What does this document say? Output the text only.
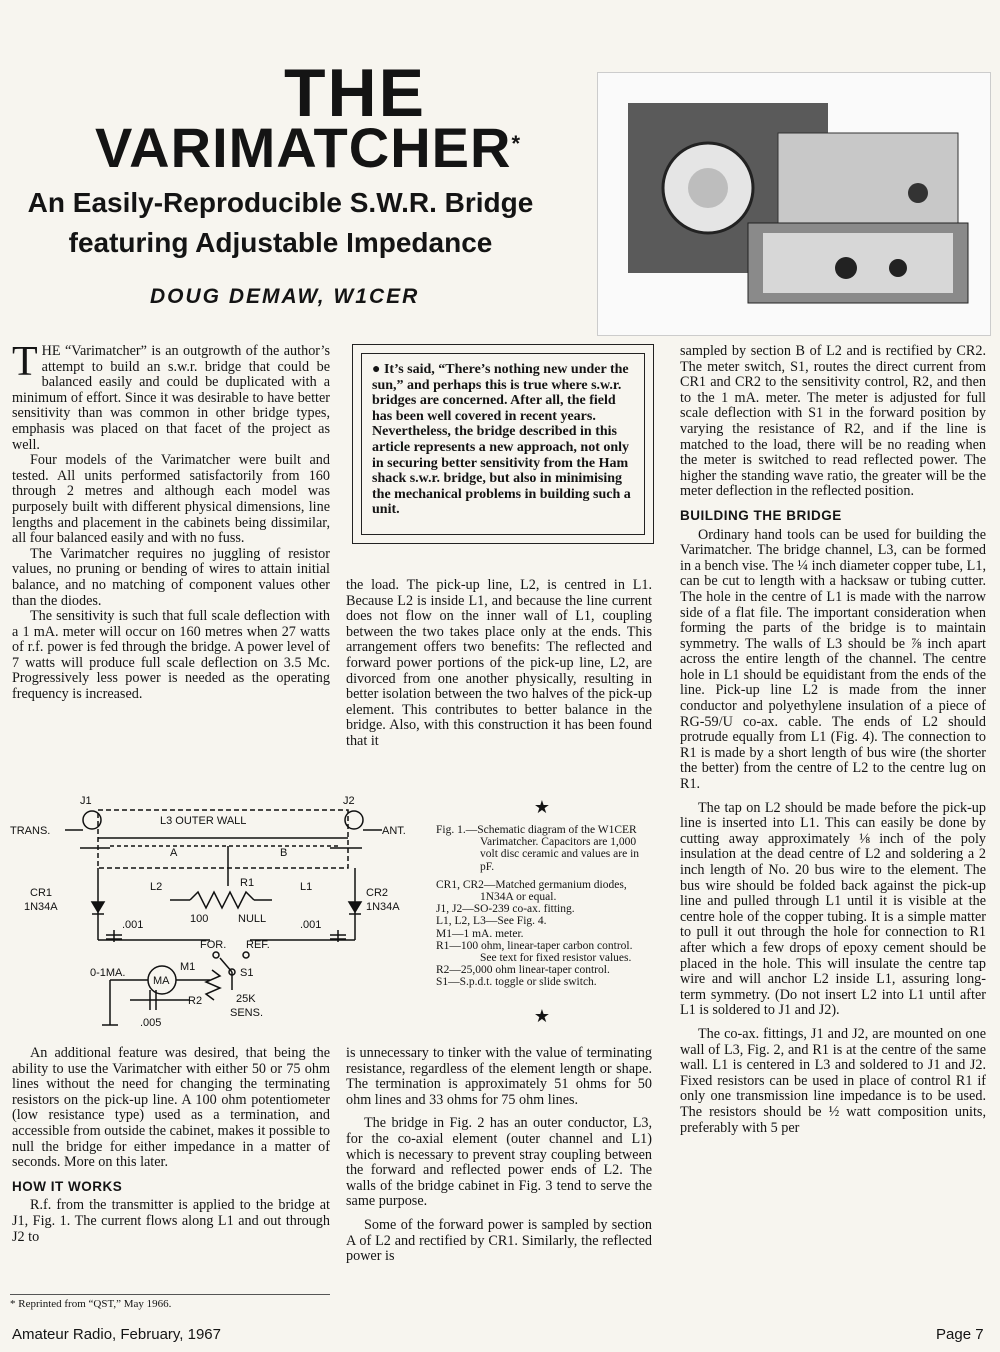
THE
VARIMATCHER*
An Easily-Reproducible S.W.R. Bridge
featuring Adjustable Impedance
DOUG DEMAW, W1CER

THE “Varimatcher” is an outgrowth of the author’s attempt to build an s.w.r. bridge that could be balanced easily and could be duplicated with a minimum of effort. Since it was desirable to have better sensitivity than was common in other bridge types, emphasis was placed on that facet of the project as well.

Four models of the Varimatcher were built and tested. All units performed satisfactorily from 160 through 2 metres and although each model was purposely built with different physical dimensions, line lengths and placement in the cabinets being dissimilar, all four balanced easily and with no fuss.

The Varimatcher requires no juggling of resistor values, no pruning or bending of wires to attain initial balance, and no matching of component values other than the diodes.

The sensitivity is such that full scale deflection with a 1 mA. meter will occur on 160 metres when 27 watts of r.f. power is fed through the bridge. A power level of 7 watts will produce full scale deflection on 3.5 Mc. Progressively less power is needed as the operating frequency is increased.

An additional feature was desired, that being the ability to use the Varimatcher with either 50 or 75 ohm lines without the need for changing the terminating resistors on the pick-up line. A 100 ohm potentiometer (low resistance type) used as a termination, and accessible from outside the cabinet, makes it possible to null the bridge for either impedance in a matter of seconds. More on this later.

HOW IT WORKS

R.f. from the transmitter is applied to the bridge at J1, Fig. 1. The current flows along L1 and out through J2 to

* Reprinted from “QST,” May 1966.
● It’s said, “There’s nothing new under the sun,” and perhaps this is true where s.w.r. bridges are concerned. After all, the field has been well covered in recent years. Nevertheless, the bridge described in this article represents a new approach, not only in securing better sensitivity from the Ham shack s.w.r. bridge, but also in minimising the mechanical problems in building such a unit.

the load. The pick-up line, L2, is centred in L1. Because L2 is inside L1, and because the line current does not flow on the inner wall of L1, coupling between the two takes place only at the ends. This arrangement offers two benefits: The reflected and forward power portions of the pick-up line, L2, are divorced from one another physically, resulting in better isolation between the two halves of the pick-up element. This contributes to better balance in the bridge. Also, with this construction it has been found that it

is unnecessary to tinker with the value of terminating resistance, regardless of the element length or shape. The termination is approximately 51 ohms for 50 ohm lines and 33 ohms for 75 ohm lines.

The bridge in Fig. 2 has an outer conductor, L3, for the co-axial element (outer channel and L1) which is necessary to prevent stray coupling between the forward and reflected power ends of L2. The walls of the bridge cabinet in Fig. 3 tend to serve the same purpose.

Some of the forward power is sampled by section A of L2 and rectified by CR1. Similarly, the reflected power is

★
★

Fig. 1.—Schematic diagram of the W1CER Varimatcher. Capacitors are 1,000 volt disc ceramic and values are in pF.

CR1, CR2—Matched germanium diodes, 1N34A or equal.

J1, J2—SO-239 co-ax. fitting.

L1, L2, L3—See Fig. 4.

M1—1 mA. meter.

R1—100 ohm, linear-taper carbon control. See text for fixed resistor values.

R2—25,000 ohm linear-taper control.

S1—S.p.d.t. toggle or slide switch.

J1	J2
TRANS.	ANT.
L3 OUTER WALL
A	B
L2	L1
CR1
1N34A
CR2
1N34A
R1
100	NULL
.001	.001
FOR. REF.
S1
0-1MA.
MA
M1
R2	25K
SENS.
.005

sampled by section B of L2 and is rectified by CR2. The meter switch, S1, routes the direct current from CR1 and CR2 to the sensitivity control, R2, and then to the 1 mA. meter. The meter is adjusted for full scale deflection with S1 in the forward position by varying the resistance of R2, and if the line is matched to the load, there will be no reading when the meter is switched to read reflected power. The higher the standing wave ratio, the greater will be the meter deflection in the reflected position.

BUILDING THE BRIDGE

Ordinary hand tools can be used for building the Varimatcher. The bridge channel, L3, can be formed in a bench vise. The ¼ inch diameter copper tube, L1, can be cut to length with a hacksaw or tubing cutter. The hole in the centre of L1 is made with the narrow side of a flat file. The important consideration when forming the parts of the bridge is to maintain symmetry. The walls of L3 should be ⅞ inch apart across the entire length of the channel. The centre hole in L1 should be equidistant from the ends of the line. Pick-up line L2 is made from the inner conductor and polyethylene insulation of a piece of RG-59/U co-ax. cable. The ends of L2 should protrude equally from L1 (Fig. 4). The connection to R1 is made by a short length of bus wire (the shorter the better) from the centre of L2 to the centre lug on R1.

The tap on L2 should be made before the pick-up line is inserted into L1. This can easily be done by cutting away approximately ⅛ inch of the poly insulation at the dead centre of L2 and soldering a 2 inch length of No. 20 bus wire to the element. The bus wire should be folded back against the pick-up line and pulled through L1 until it is visible at the centre hole of the copper tubing. It is a simple matter to pull it out through the hole for connection to R1 after which a few drops of epoxy cement should be placed in the hole. This will insulate the centre tap wire and will anchor L2 inside L1, assuring long-term symmetry. (Do not insert L2 into L1 until after L1 is soldered to J1 and J2).

The co-ax. fittings, J1 and J2, are mounted on one wall of L3, Fig. 2, and R1 is at the centre of the same wall. L1 is centered in L3 and soldered to J1 and J2. Fixed resistors can be used in place of control R1 if only one transmission line impedance is to be used. The resistors should be ½ watt composition units, preferably with 5 per

Amateur Radio, February, 1967	Page 7
